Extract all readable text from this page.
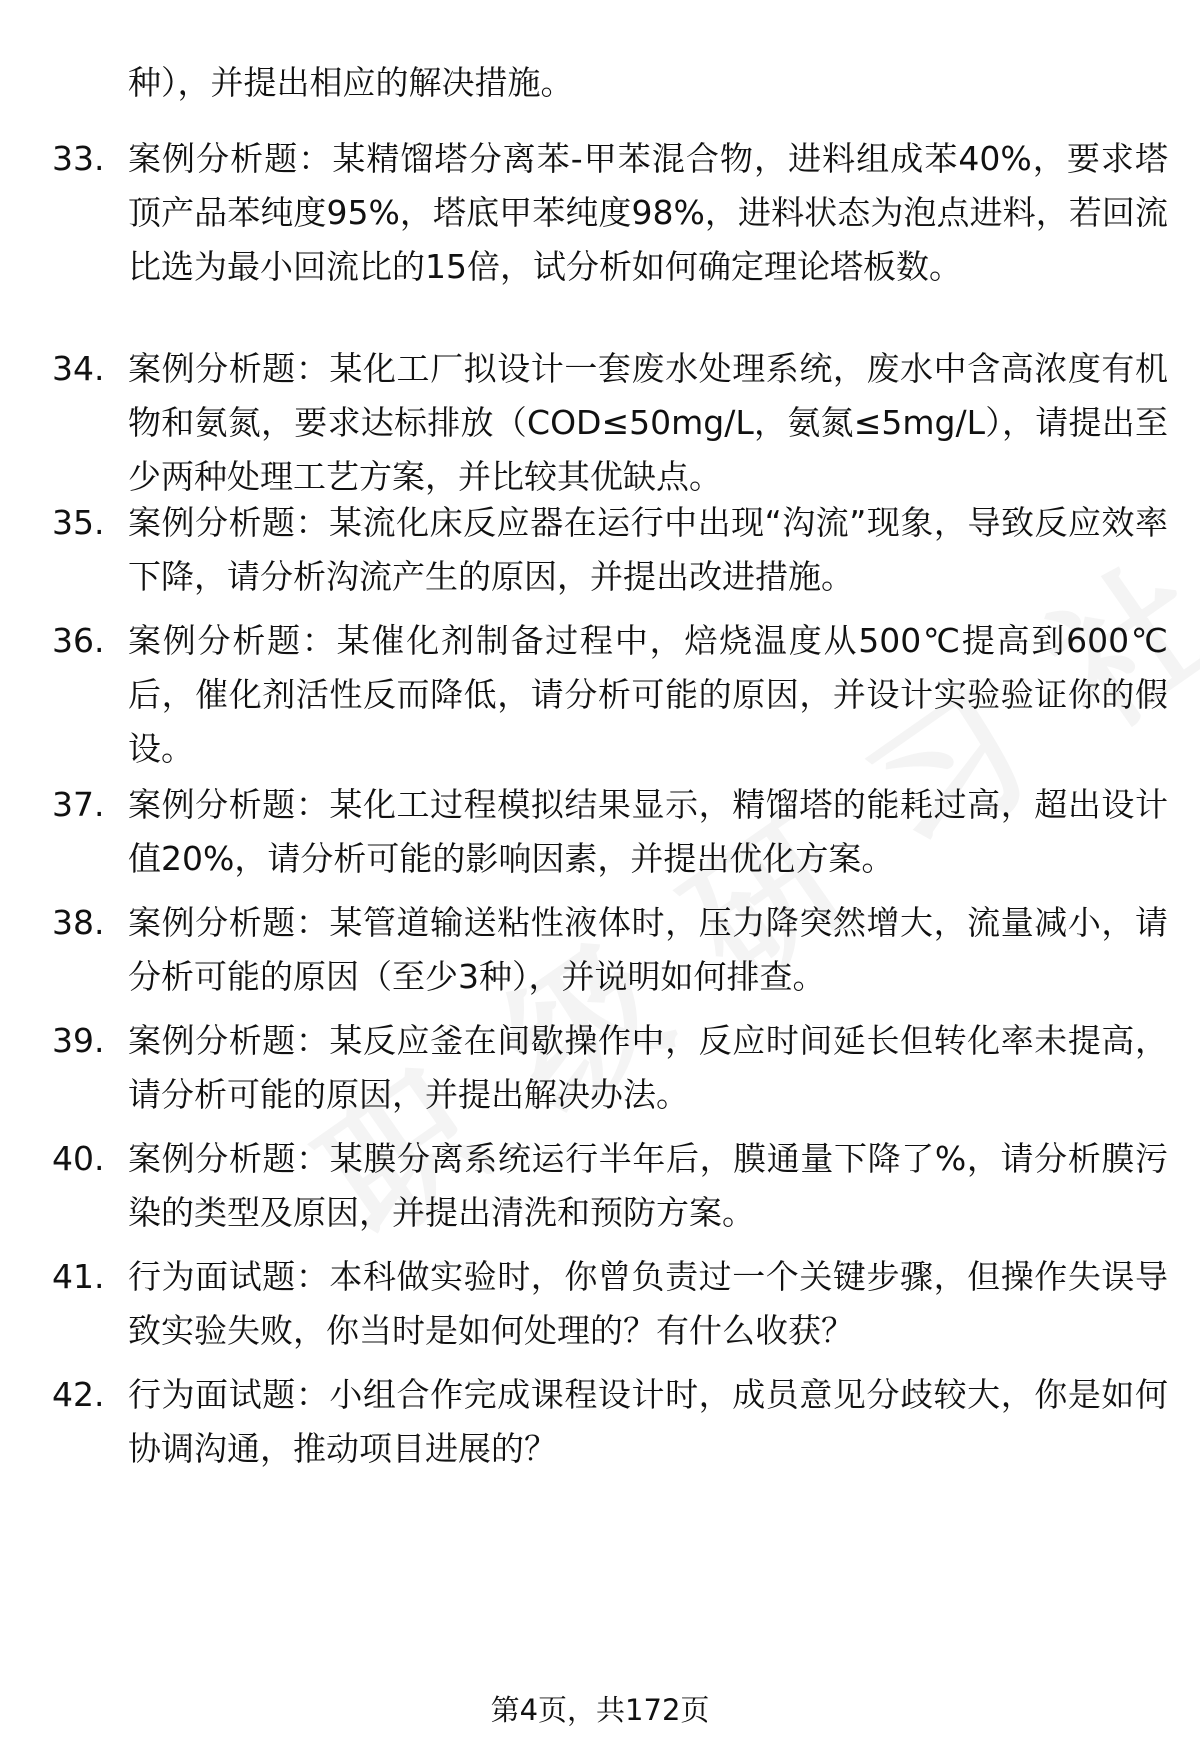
种），并提出相应的解决措施。
33. 案例分析题：某精馏塔分离苯-甲苯混合物，进料组成苯40%，要求塔顶产品苯纯度95%，塔底甲苯纯度98%，进料状态为泡点进料，若回流比选为最小回流比的15倍，试分析如何确定理论塔板数。
34. 案例分析题：某化工厂拟设计一套废水处理系统，废水中含高浓度有机物和氨氮，要求达标排放（COD≤50mg/L，氨氮≤5mg/L），请提出至少两种处理工艺方案，并比较其优缺点。
35. 案例分析题：某流化床反应器在运行中出现“沟流”现象，导致反应效率下降，请分析沟流产生的原因，并提出改进措施。
36. 案例分析题：某催化剂制备过程中，焙烧温度从500℃提高到600℃后，催化剂活性反而降低，请分析可能的原因，并设计实验验证你的假设。
37. 案例分析题：某化工过程模拟结果显示，精馏塔的能耗过高，超出设计值20%，请分析可能的影响因素，并提出优化方案。
38. 案例分析题：某管道输送粘性液体时，压力降突然增大，流量减小，请分析可能的原因（至少3种），并说明如何排查。
39. 案例分析题：某反应釜在间歇操作中，反应时间延长但转化率未提高，请分析可能的原因，并提出解决办法。
40. 案例分析题：某膜分离系统运行半年后，膜通量下降了%，请分析膜污染的类型及原因，并提出清洗和预防方案。
41. 行为面试题：本科做实验时，你曾负责过一个关键步骤，但操作失误导致实验失败，你当时是如何处理的？有什么收获？
42. 行为面试题：小组合作完成课程设计时，成员意见分歧较大，你是如何协调沟通，推动项目进展的？
第4页，共172页
